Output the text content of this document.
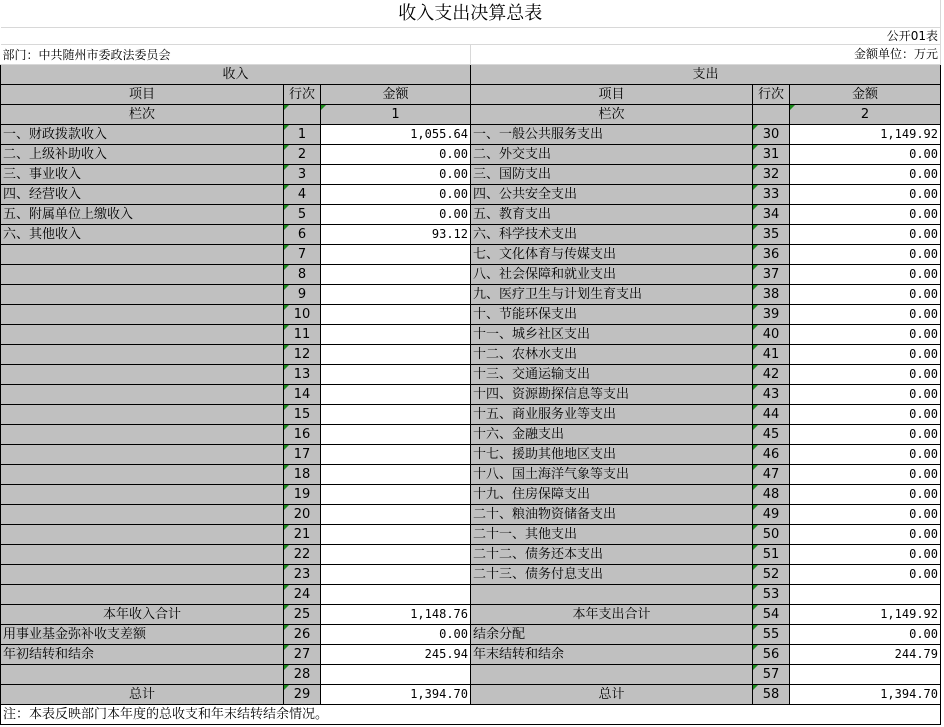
收入支出决算总表					
公开01表					
部门：中共随州市委政法委员会			金额单位：万元		
收入			支出		
项目	行次	金额	项目	行次	金额
栏次		1	栏次		2
一、财政拨款收入	1	1,055.64	一、一般公共服务支出	30	1,149.92
二、上级补助收入	2	0.00	二、外交支出	31	0.00
三、事业收入	3	0.00	三、国防支出	32	0.00
四、经营收入	4	0.00	四、公共安全支出	33	0.00
五、附属单位上缴收入	5	0.00	五、教育支出	34	0.00
六、其他收入	6	93.12	六、科学技术支出	35	0.00
	7		七、文化体育与传媒支出	36	0.00
	8		八、社会保障和就业支出	37	0.00
	9		九、医疗卫生与计划生育支出	38	0.00
	10		十、节能环保支出	39	0.00
	11		十一、城乡社区支出	40	0.00
	12		十二、农林水支出	41	0.00
	13		十三、交通运输支出	42	0.00
	14		十四、资源勘探信息等支出	43	0.00
	15		十五、商业服务业等支出	44	0.00
	16		十六、金融支出	45	0.00
	17		十七、援助其他地区支出	46	0.00
	18		十八、国土海洋气象等支出	47	0.00
	19		十九、住房保障支出	48	0.00
	20		二十、粮油物资储备支出	49	0.00
	21		二十一、其他支出	50	0.00
	22		二十二、债务还本支出	51	0.00
	23		二十三、债务付息支出	52	0.00
	24			53	
本年收入合计	25	1,148.76	本年支出合计	54	1,149.92
用事业基金弥补收支差额	26	0.00	结余分配	55	0.00
年初结转和结余	27	245.94	年末结转和结余	56	244.79
	28			57	
总计	29	1,394.70	总计	58	1,394.70
注：本表反映部门本年度的总收支和年末结转结余情况。					
